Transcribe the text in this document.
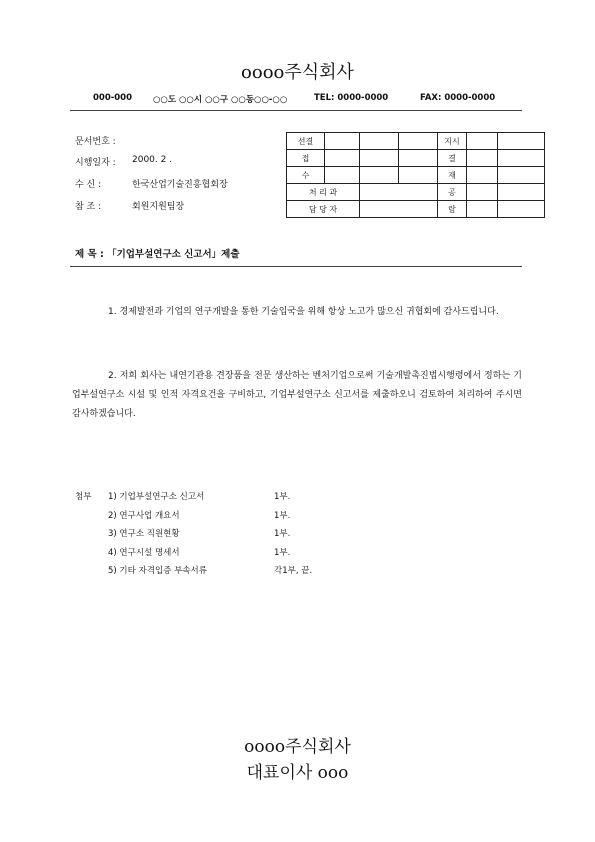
oooo주식회사
000-000 ○○도 ○○시 ○○구 ○○동○○-○○	TEL: 0000-0000	FAX: 0000-0000
문서번호 :
시행일자 : 2000. 2 .
수 신 :	한국산업기술진흥협회장
참 조 :	회원지원팀장
선결				지시		
접				결		
수				재		
처 리 과				공		
담 당 자				람		
제 목 : 「기업부설연구소 신고서」제출
1. 경제발전과 기업의 연구개발을 통한 기술입국을 위해 항상 노고가 많으신 귀협회에 감사드립니다.
2. 저희 회사는 내연기관용 견장품을 전문 생산하는 벤처기업으로써 기술개발촉진법시행령에서 정하는 기업부설연구소 시설 및 인적 자격요건을 구비하고, 기업부설연구소 신고서를 제출하오니 검토하여 처리하여 주시면 감사하겠습니다.
첨부 1) 기업부설연구소 신고서	1부.
2) 연구사업 개요서	1부.
3) 연구소 직원현황	1부.
4) 연구시설 명세서	1부.
5) 기타 자격입증 부속서류	각1부, 끝.
oooo주식회사
대표이사 ooo
